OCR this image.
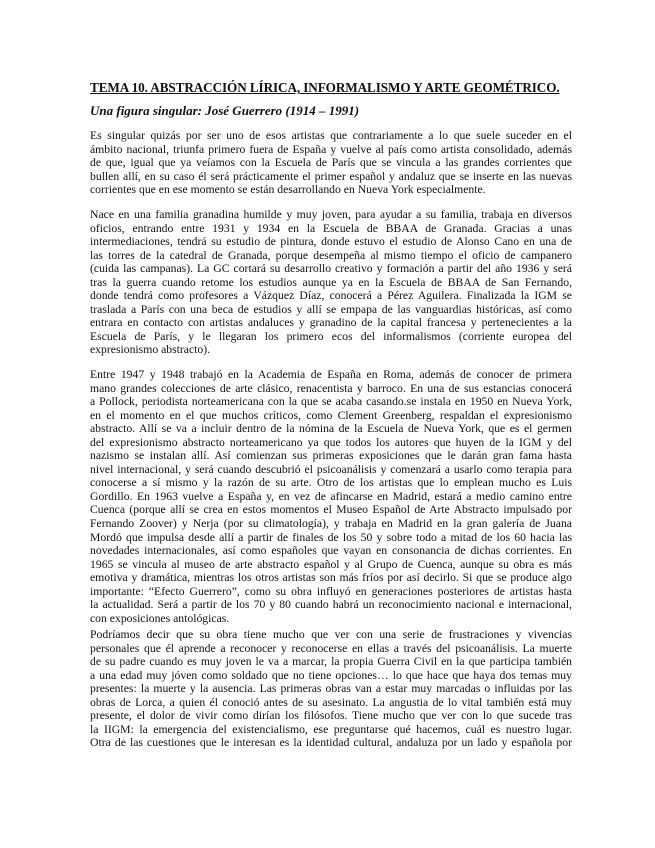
TEMA 10. ABSTRACCIÓN LÍRICA, INFORMALISMO Y ARTE GEOMÉTRICO.
Una figura singular: José Guerrero (1914 – 1991)
Es singular quizás por ser uno de esos artistas que contrariamente a lo que suele suceder en el
ámbito nacional, triunfa primero fuera de España y vuelve al país como artista consolidado, además
de que, igual que ya veíamos con la Escuela de París que se vincula a las grandes corrientes que
bullen allí, en su caso él será prácticamente el primer español y andaluz que se inserte en las nuevas
corrientes que en ese momento se están desarrollando en Nueva York especialmente.
Nace en una familia granadina humilde y muy joven, para ayudar a su familia, trabaja en diversos
oficios, entrando entre 1931 y 1934 en la Escuela de BBAA de Granada. Gracias a unas
intermediaciones, tendrá su estudio de pintura, donde estuvo el estudio de Alonso Cano en una de
las torres de la catedral de Granada, porque desempeña al mismo tiempo el oficio de campanero
(cuida las campanas). La GC cortará su desarrollo creativo y formación a partir del año 1936 y será
tras la guerra cuando retome los estudios aunque ya en la Escuela de BBAA de San Fernando,
donde tendrá como profesores a Vázquez Díaz, conocerá a Pérez Aguilera. Finalizada la IGM se
traslada a París con una beca de estudios y allí se empapa de las vanguardias históricas, así como
entrara en contacto con artistas andaluces y granadino de la capital francesa y pertenecientes a la
Escuela de París, y le llegaran los primero ecos del informalismos (corriente europea del
expresionismo abstracto).
Entre 1947 y 1948 trabajó en la Academia de España en Roma, además de conocer de primera
mano grandes colecciones de arte clásico, renacentista y barroco. En una de sus estancias conocerá
a Pollock, periodista norteamericana con la que se acaba casando.se instala en 1950 en Nueva York,
en el momento en el que muchos críticos, como Clement Greenberg, respaldan el expresionismo
abstracto. Allí se va a incluir dentro de la nómina de la Escuela de Nueva York, que es el germen
del expresionismo abstracto norteamericano ya que todos los autores que huyen de la IGM y del
nazismo se instalan allí. Así comienzan sus primeras exposiciones que le darán gran fama hasta
nivel internacional, y será cuando descubrió el psicoanálisis y comenzará a usarlo como terapia para
conocerse a sí mismo y la razón de su arte. Otro de los artistas que lo emplean mucho es Luis
Gordillo. En 1963 vuelve a España y, en vez de afincarse en Madrid, estará a medio camino entre
Cuenca (porque allí se crea en estos momentos el Museo Español de Arte Abstracto impulsado por
Fernando Zoover) y Nerja (por su climatología), y trabaja en Madrid en la gran galería de Juana
Mordó que impulsa desde allí a partir de finales de los 50 y sobre todo a mitad de los 60 hacia las
novedades internacionales, así como españoles que vayan en consonancia de dichas corrientes. En
1965 se vincula al museo de arte abstracto español y al Grupo de Cuenca, aunque su obra es más
emotiva y dramática, mientras los otros artistas son más fríos por así decirlo. Si que se produce algo
importante: “Efecto Guerrero”, como su obra influyó en generaciones posteriores de artistas hasta
la actualidad. Será a partir de los 70 y 80 cuando habrá un reconocimiento nacional e internacional,
con exposiciones antológicas.
Podríamos decir que su obra tiene mucho que ver con una serie de frustraciones y vivencias
personales que él aprende a reconocer y reconocerse en ellas a través del psicoanálisis. La muerte
de su padre cuando es muy joven le va a marcar, la propia Guerra Civil en la que participa también
a una edad muy jóven como soldado que no tiene opciones… lo que hace que haya dos temas muy
presentes: la muerte y la ausencia. Las primeras obras van a estar muy marcadas o influidas por las
obras de Lorca, a quien él conoció antes de su asesinato. La angustia de lo vital también está muy
presente, el dolor de vivir como dirían los filósofos. Tiene mucho que ver con lo que sucede tras
la IIGM: la emergencia del existencialismo, ese preguntarse qué hacemos, cuál es nuestro lugar.
Otra de las cuestiones que le interesan es la identidad cultural, andaluza por un lado y española por
